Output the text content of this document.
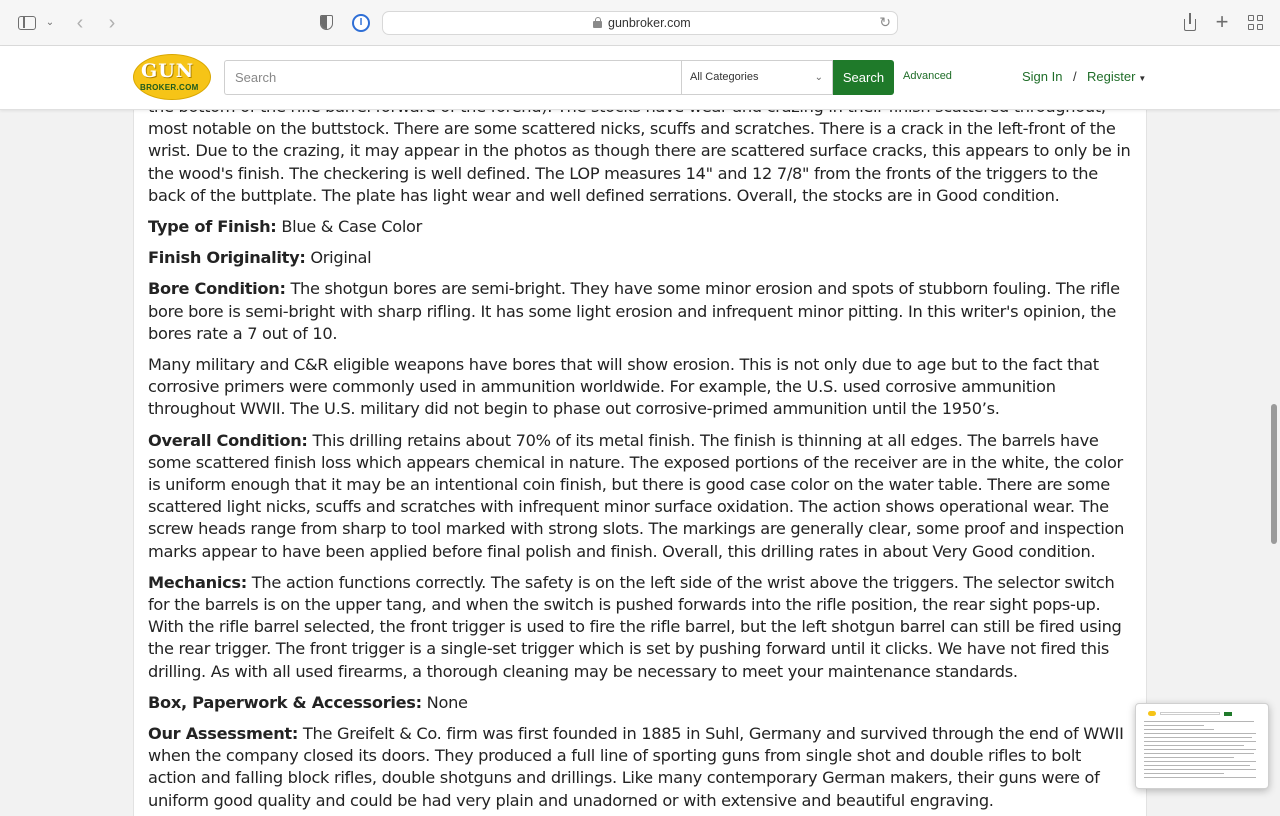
⌄ ‹ ›	I	gunbroker.com	↻	+
GUN
BROKER.COM
Search
All Categories	⌄	Search	Advanced	Sign In / Register ▼

most notable on the buttstock. There are some scattered nicks, scuffs and scratches. There is a crack in the left-front of the wrist. Due to the crazing, it may appear in the photos as though there are scattered surface cracks, this appears to only be in the wood's finish. The checkering is well defined. The LOP measures 14" and 12 7/8" from the fronts of the triggers to the back of the buttplate. The plate has light wear and well defined serrations. Overall, the stocks are in Good condition.

Type of Finish: Blue & Case Color

Finish Originality: Original

Bore Condition: The shotgun bores are semi-bright. They have some minor erosion and spots of stubborn fouling. The rifle bore bore is semi-bright with sharp rifling. It has some light erosion and infrequent minor pitting. In this writer's opinion, the bores rate a 7 out of 10.

Many military and C&R eligible weapons have bores that will show erosion. This is not only due to age but to the fact that corrosive primers were commonly used in ammunition worldwide. For example, the U.S. used corrosive ammunition throughout WWII. The U.S. military did not begin to phase out corrosive-primed ammunition until the 1950’s.

Overall Condition: This drilling retains about 70% of its metal finish. The finish is thinning at all edges. The barrels have some scattered finish loss which appears chemical in nature. The exposed portions of the receiver are in the white, the color is uniform enough that it may be an intentional coin finish, but there is good case color on the water table. There are some scattered light nicks, scuffs and scratches with infrequent minor surface oxidation. The action shows operational wear. The screw heads range from sharp to tool marked with strong slots. The markings are generally clear, some proof and inspection marks appear to have been applied before final polish and finish. Overall, this drilling rates in about Very Good condition.

Mechanics: The action functions correctly. The safety is on the left side of the wrist above the triggers. The selector switch for the barrels is on the upper tang, and when the switch is pushed forwards into the rifle position, the rear sight pops-up. With the rifle barrel selected, the front trigger is used to fire the rifle barrel, but the left shotgun barrel can still be fired using the rear trigger. The front trigger is a single-set trigger which is set by pushing forward until it clicks. We have not fired this drilling. As with all used firearms, a thorough cleaning may be necessary to meet your maintenance standards.

Box, Paperwork & Accessories: None

Our Assessment: The Greifelt & Co. firm was first founded in 1885 in Suhl, Germany and survived through the end of WWII when the company closed its doors. They produced a full line of sporting guns from single shot and double rifles to bolt action and falling block rifles, double shotguns and drillings. Like many contemporary German makers, their guns were of uniform good quality and could be had very plain and unadorned or with extensive and beautiful engraving.
